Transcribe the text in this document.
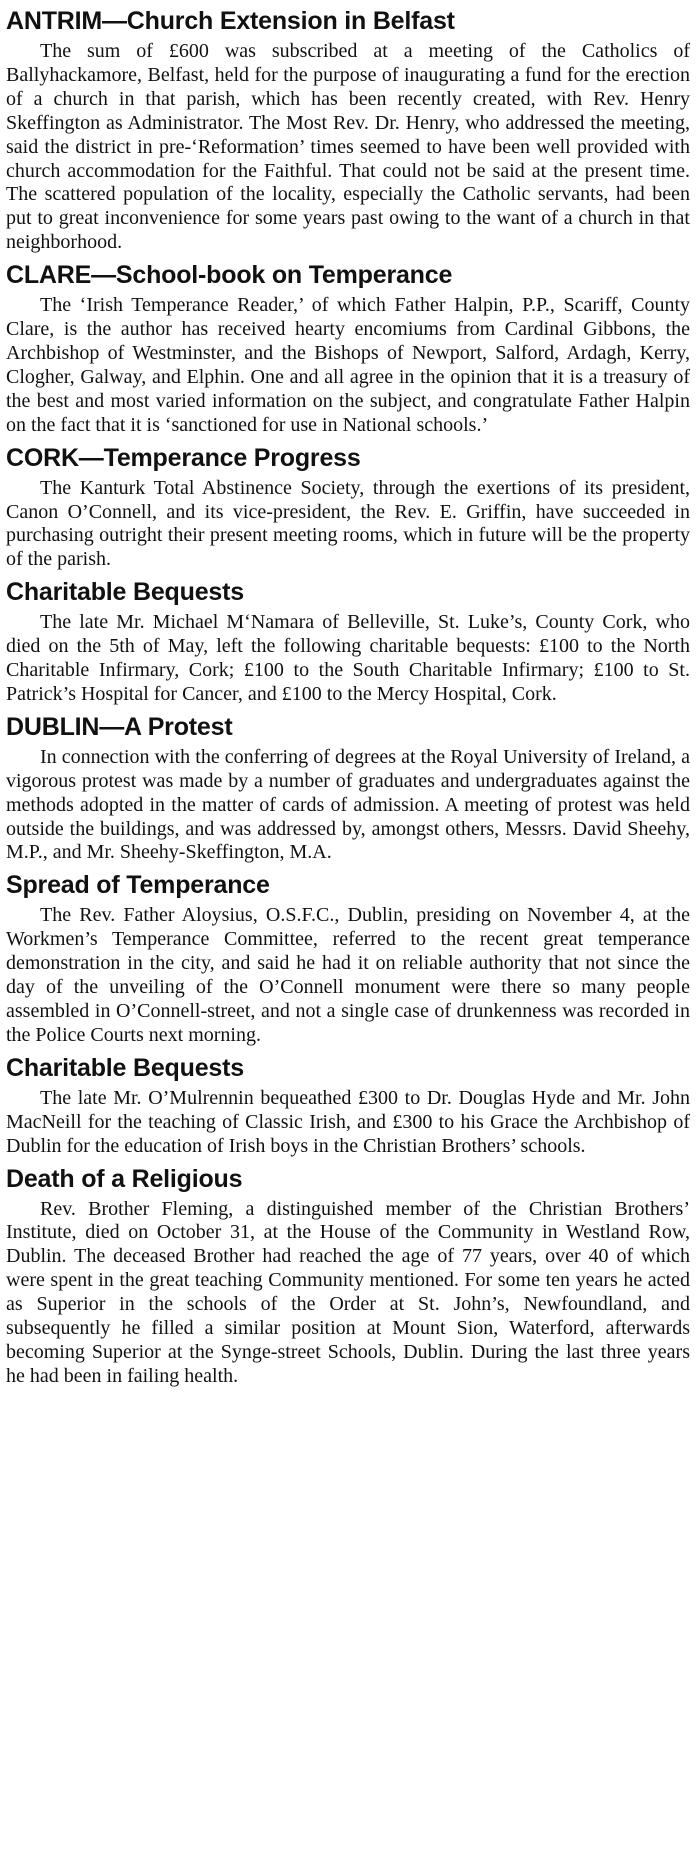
ANTRIM—Church Extension in Belfast

The sum of £600 was subscribed at a meeting of the Catholics of Ballyhackamore, Belfast, held for the purpose of inaugurating a fund for the erection of a church in that parish, which has been recently created, with Rev. Henry Skeffington as Administrator. The Most Rev. Dr. Henry, who addressed the meeting, said the district in pre-‘Reformation’ times seemed to have been well provided with church accommodation for the Faithful. That could not be said at the present time. The scattered population of the locality, especially the Catholic servants, had been put to great inconvenience for some years past owing to the want of a church in that neighborhood.

CLARE—School-book on Temperance

The ‘Irish Temperance Reader,’ of which Father Halpin, P.P., Scariff, County Clare, is the author has received hearty encomiums from Cardinal Gibbons, the Archbishop of Westminster, and the Bishops of Newport, Salford, Ardagh, Kerry, Clogher, Galway, and Elphin. One and all agree in the opinion that it is a treasury of the best and most varied information on the subject, and congratulate Father Halpin on the fact that it is ‘sanctioned for use in National schools.’

CORK—Temperance Progress

The Kanturk Total Abstinence Society, through the exertions of its president, Canon O’Connell, and its vice-president, the Rev. E. Griffin, have succeeded in purchasing outright their present meeting rooms, which in future will be the property of the parish.

Charitable Bequests

The late Mr. Michael M‘Namara of Belleville, St. Luke’s, County Cork, who died on the 5th of May, left the following charitable bequests: £100 to the North Charitable Infirmary, Cork; £100 to the South Charitable Infirmary; £100 to St. Patrick’s Hospital for Cancer, and £100 to the Mercy Hospital, Cork.

DUBLIN—A Protest

In connection with the conferring of degrees at the Royal University of Ireland, a vigorous protest was made by a number of graduates and undergraduates against the methods adopted in the matter of cards of admission. A meeting of protest was held outside the buildings, and was addressed by, amongst others, Messrs. David Sheehy, M.P., and Mr. Sheehy-Skeffington, M.A.

Spread of Temperance

The Rev. Father Aloysius, O.S.F.C., Dublin, presiding on November 4, at the Workmen’s Temperance Committee, referred to the recent great temperance demonstration in the city, and said he had it on reliable authority that not since the day of the unveiling of the O’Connell monument were there so many people assembled in O’Connell-street, and not a single case of drunkenness was recorded in the Police Courts next morning.

Charitable Bequests

The late Mr. O’Mulrennin bequeathed £300 to Dr. Douglas Hyde and Mr. John MacNeill for the teaching of Classic Irish, and £300 to his Grace the Archbishop of Dublin for the education of Irish boys in the Christian Brothers’ schools.

Death of a Religious

Rev. Brother Fleming, a distinguished member of the Christian Brothers’ Institute, died on October 31, at the House of the Community in Westland Row, Dublin. The deceased Brother had reached the age of 77 years, over 40 of which were spent in the great teaching Community mentioned. For some ten years he acted as Superior in the schools of the Order at St. John’s, Newfoundland, and subsequently he filled a similar position at Mount Sion, Waterford, afterwards becoming Superior at the Synge-street Schools, Dublin. During the last three years he had been in failing health.
